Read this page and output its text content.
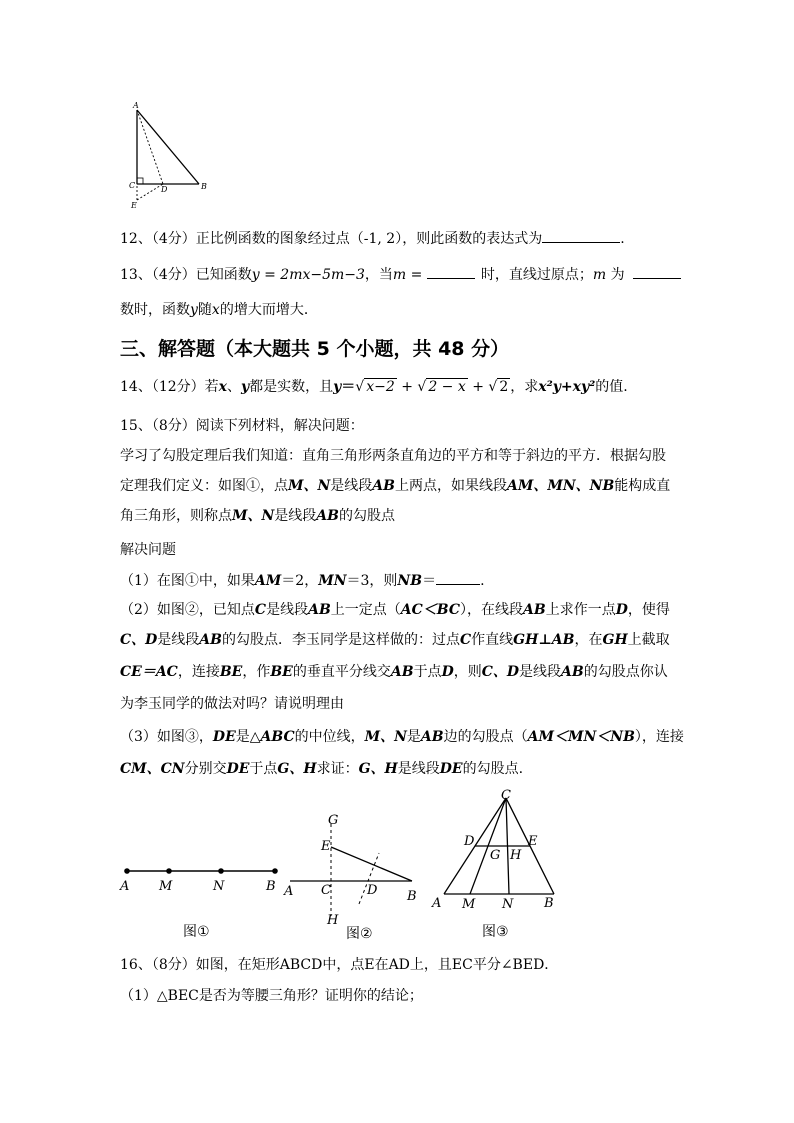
A
C	D	B
E
12、（4分）正比例函数的图象经过点（-1, 2），则此函数的表达式为	.
13、（4分）已知函数y = 2mx−5m−3，当m =	时，直线过原点；m 为
数时，函数y随x的增大而增大．
三、解答题（本大题共 5 个小题，共 48 分）
14、（12分）若x、y都是实数，且y＝√ x−2 + √ 2 − x + √ 2 ，求x²y+xy²的值.
15、（8分）阅读下列材料，解决问题：
学习了勾股定理后我们知道：直角三角形两条直角边的平方和等于斜边的平方．根据勾股
定理我们定义：如图①，点M、N是线段AB上两点，如果线段AM、MN、NB能构成直
角三角形，则称点M、N是线段AB的勾股点
解决问题
（1）在图①中，如果AM＝2，MN＝3，则NB＝	.
（2）如图②，已知点C是线段AB上一定点（AC＜BC），在线段AB上求作一点D，使得
C、D是线段AB的勾股点．李玉同学是这样做的：过点C作直线GH⊥AB，在GH上截取
CE＝AC，连接BE，作BE的垂直平分线交AB于点D，则C、D是线段AB的勾股点你认
为李玉同学的做法对吗？请说明理由
（3）如图③，DE是△ABC的中位线，M、N是AB边的勾股点（AM＜MN＜NB），连接
CM、CN分别交DE于点G、H求证：G、H是线段DE的勾股点.
A M	N	B
图①
G
E
A C	D B
H
图②
C
D	E
G H
A M N B
图③
16、（8分）如图，在矩形ABCD中，点E在AD上，且EC平分∠BED．
（1）△BEC是否为等腰三角形？证明你的结论；
